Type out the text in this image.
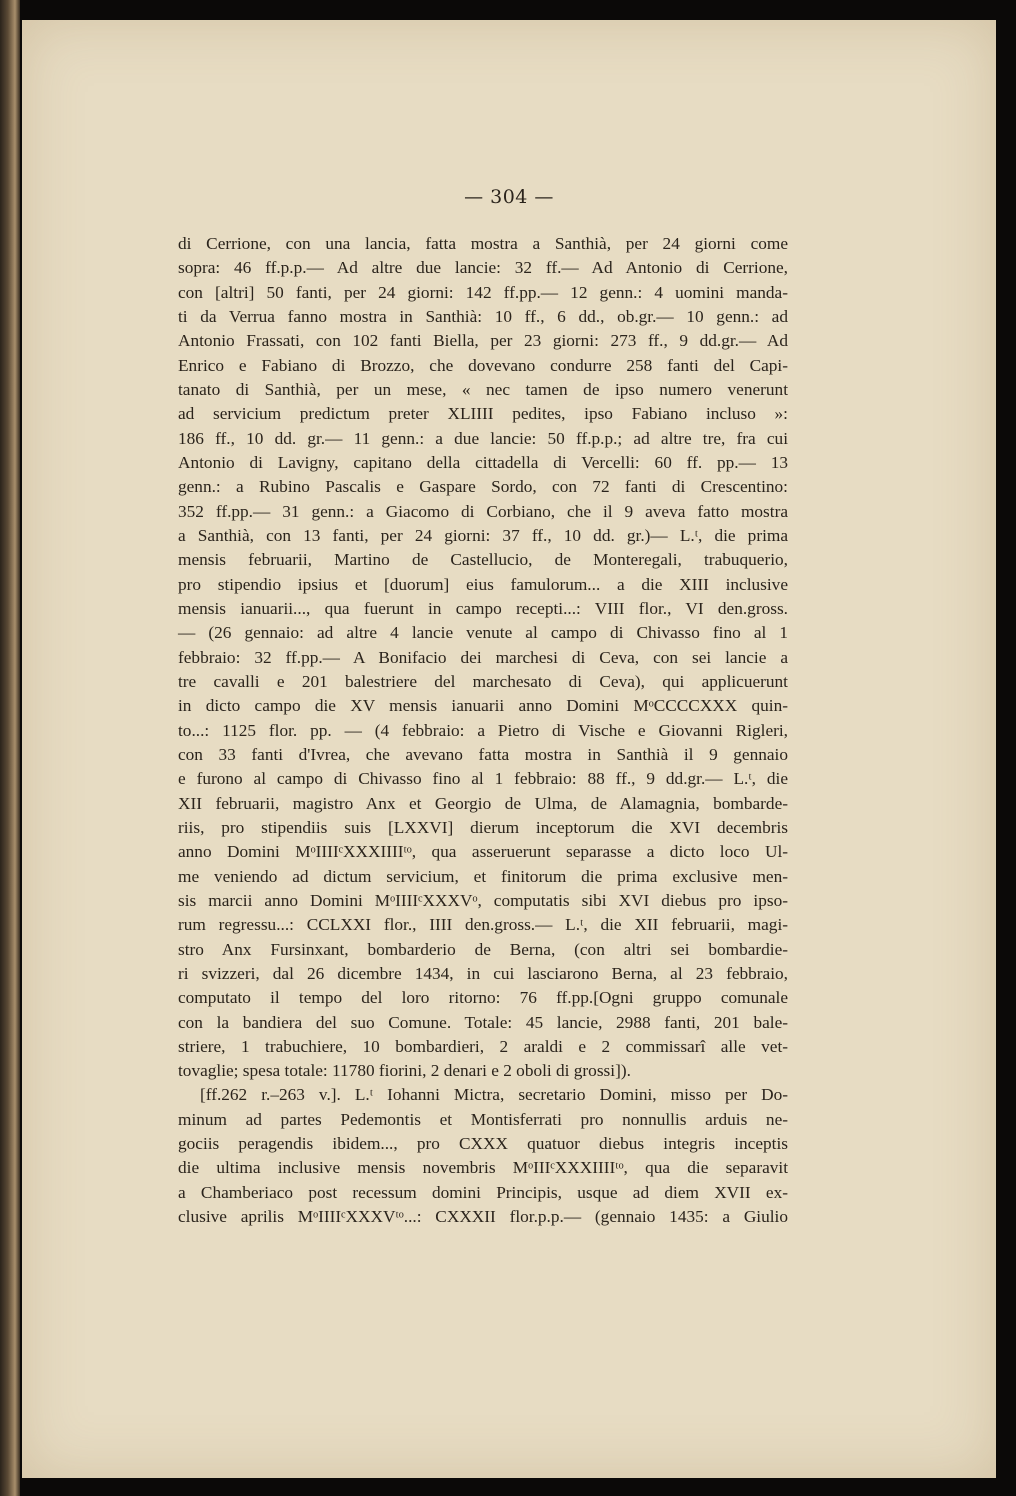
— 304 —
di Cerrione, con una lancia, fatta mostra a Santhià, per 24 giorni come
sopra: 46 ff.p.p.— Ad altre due lancie: 32 ff.— Ad Antonio di Cerrione,
con [altri] 50 fanti, per 24 giorni: 142 ff.pp.— 12 genn.: 4 uomini manda-
ti da Verrua fanno mostra in Santhià: 10 ff., 6 dd., ob.gr.— 10 genn.: ad
Antonio Frassati, con 102 fanti Biella, per 23 giorni: 273 ff., 9 dd.gr.— Ad
Enrico e Fabiano di Brozzo, che dovevano condurre 258 fanti del Capi-
tanato di Santhià, per un mese, « nec tamen de ipso numero venerunt
ad servicium predictum preter XLIIII pedites, ipso Fabiano incluso »:
186 ff., 10 dd. gr.— 11 genn.: a due lancie: 50 ff.p.p.; ad altre tre, fra cui
Antonio di Lavigny, capitano della cittadella di Vercelli: 60 ff. pp.— 13
genn.: a Rubino Pascalis e Gaspare Sordo, con 72 fanti di Crescentino:
352 ff.pp.— 31 genn.: a Giacomo di Corbiano, che il 9 aveva fatto mostra
a Santhià, con 13 fanti, per 24 giorni: 37 ff., 10 dd. gr.)— L.ᵗ, die prima
mensis februarii, Martino de Castellucio, de Monteregali, trabuquerio,
pro stipendio ipsius et [duorum] eius famulorum... a die XIII inclusive
mensis ianuarii..., qua fuerunt in campo recepti...: VIII flor., VI den.gross.
— (26 gennaio: ad altre 4 lancie venute al campo di Chivasso fino al 1
febbraio: 32 ff.pp.— A Bonifacio dei marchesi di Ceva, con sei lancie a
tre cavalli e 201 balestriere del marchesato di Ceva), qui applicuerunt
in dicto campo die XV mensis ianuarii anno Domini MᵒCCCCXXX quin-
to...: 1125 flor. pp. — (4 febbraio: a Pietro di Vische e Giovanni Rigleri,
con 33 fanti d'Ivrea, che avevano fatta mostra in Santhià il 9 gennaio
e furono al campo di Chivasso fino al 1 febbraio: 88 ff., 9 dd.gr.— L.ᵗ, die
XII februarii, magistro Anx et Georgio de Ulma, de Alamagnia, bombarde-
riis, pro stipendiis suis [LXXVI] dierum inceptorum die XVI decembris
anno Domini MᵒIIIIᶜXXXIIIIᵗᵒ, qua asseruerunt separasse a dicto loco Ul-
me veniendo ad dictum servicium, et finitorum die prima exclusive men-
sis marcii anno Domini MᵒIIIIᶜXXXVᵒ, computatis sibi XVI diebus pro ipso-
rum regressu...: CCLXXI flor., IIII den.gross.— L.ᵗ, die XII februarii, magi-
stro Anx Fursinxant, bombarderio de Berna, (con altri sei bombardie-
ri svizzeri, dal 26 dicembre 1434, in cui lasciarono Berna, al 23 febbraio,
computato il tempo del loro ritorno: 76 ff.pp.[Ogni gruppo comunale
con la bandiera del suo Comune. Totale: 45 lancie, 2988 fanti, 201 bale-
striere, 1 trabuchiere, 10 bombardieri, 2 araldi e 2 commissarî alle vet-
tovaglie; spesa totale: 11780 fiorini, 2 denari e 2 oboli di grossi]).
[ff.262 r.–263 v.]. L.ᵗ Iohanni Mictra, secretario Domini, misso per Do-
minum ad partes Pedemontis et Montisferrati pro nonnullis arduis ne-
gociis peragendis ibidem..., pro CXXX quatuor diebus integris inceptis
die ultima inclusive mensis novembris MᵒIIIᶜXXXIIIIᵗᵒ, qua die separavit
a Chamberiaco post recessum domini Principis, usque ad diem XVII ex-
clusive aprilis MᵒIIIIᶜXXXVᵗᵒ...: CXXXII flor.p.p.— (gennaio 1435: a Giulio
